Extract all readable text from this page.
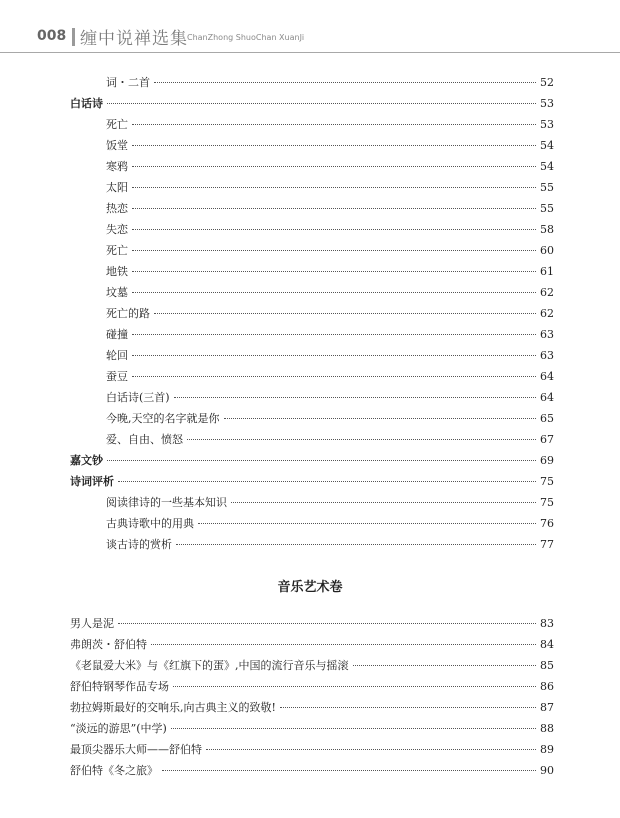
008 缠中说禅选集 ChanZhong ShuoChan XuanJi
词・二首	52
白话诗	53
死亡	53
饭堂	54
寒鸦	54
太阳	55
热恋	55
失恋	58
死亡	60
地铁	61
坟墓	62
死亡的路	62
碰撞	63
轮回	63
蚕豆	64
白话诗(三首)	64
今晚,天空的名字就是你	65
爱、自由、愤怒	67
嘉文钞	69
诗词评析	75
阅读律诗的一些基本知识	75
古典诗歌中的用典	76
谈古诗的赏析	77
音乐艺术卷
男人是泥	83
弗朗茨・舒伯特	84
《老鼠爱大米》与《红旗下的蛋》,中国的流行音乐与摇滚	85
舒伯特钢琴作品专场	86
勃拉姆斯最好的交响乐,向古典主义的致敬!	87
“淡远的游思”(中学)	88
最顶尖器乐大师——舒伯特	89
舒伯特《冬之旅》	90
